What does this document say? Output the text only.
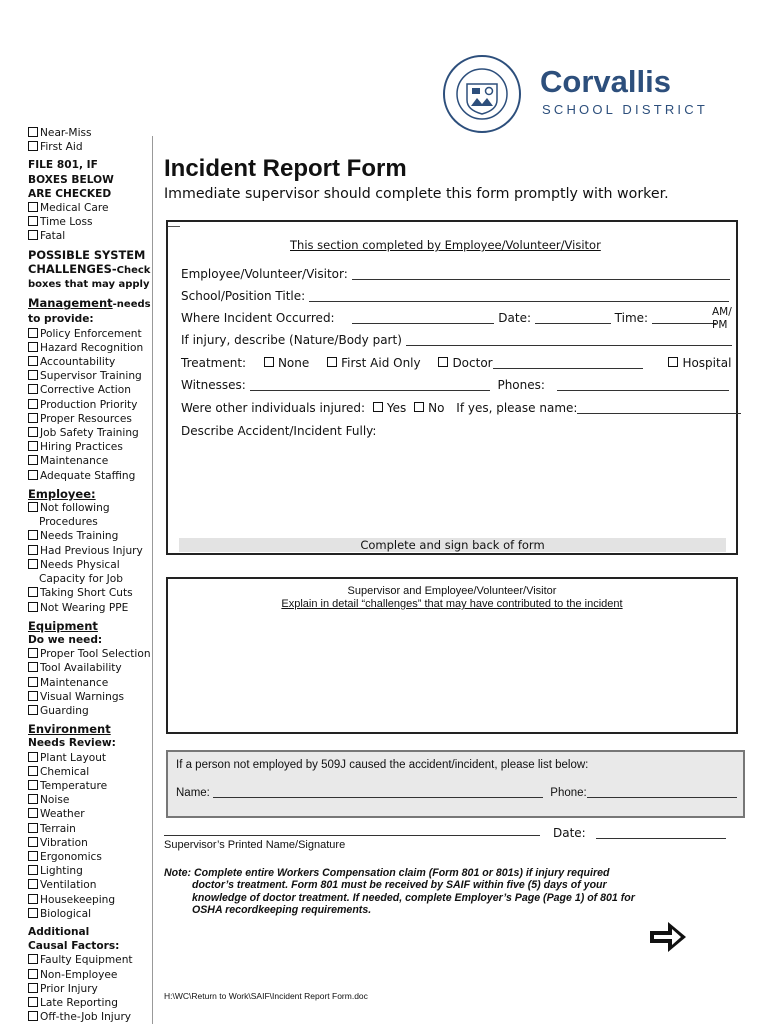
Corvallis
SCHOOL DISTRICT
Near-Miss
First Aid
FILE 801, IF
BOXES BELOW
ARE CHECKED
Medical Care
Time Loss
Fatal
POSSIBLE SYSTEM
CHALLENGES-Check
boxes that may apply
Management-needs
to provide:
Policy Enforcement
Hazard Recognition
Accountability
Supervisor Training
Corrective Action
Production Priority
Proper Resources
Job Safety Training
Hiring Practices
Maintenance
Adequate Staffing
Employee:
Not following
Procedures
Needs Training
Had Previous Injury
Needs Physical
Capacity for Job
Taking Short Cuts
Not Wearing PPE
Equipment
Do we need:
Proper Tool Selection
Tool Availability
Maintenance
Visual Warnings
Guarding
Environment
Needs Review:
Plant Layout
Chemical
Temperature
Noise
Weather
Terrain
Vibration
Ergonomics
Lighting
Ventilation
Housekeeping
Biological
Additional
Causal Factors:
Faulty Equipment
Non-Employee
Prior Injury
Late Reporting
Off-the-Job Injury
Incident Report Form
Immediate supervisor should complete this form promptly with worker.
This section completed by Employee/Volunteer/Visitor
Employee/Volunteer/Visitor:
School/Position Title:
Where Incident Occurred:	Date:	Time:	AM/
PM
If injury, describe (Nature/Body part)
Treatment:	None	First Aid Only	Doctor	Hospital
Witnesses:	Phones:
Were other individuals injured: Yes No If yes, please name:
Describe Accident/Incident Fully:
Complete and sign back of form
Supervisor and Employee/Volunteer/Visitor
Explain in detail “challenges” that may have contributed to the incident
If a person not employed by 509J caused the accident/incident, please list below:
Name:	Phone:
Supervisor’s Printed Name/Signature
Date:
Note: Complete entire Workers Compensation claim (Form 801 or 801s) if injury required
doctor’s treatment. Form 801 must be received by SAIF within five (5) days of your
knowledge of doctor treatment. If needed, complete Employer’s Page (Page 1) of 801 for
OSHA recordkeeping requirements.
H:\WC\Return to Work\SAIF\Incident Report Form.doc
